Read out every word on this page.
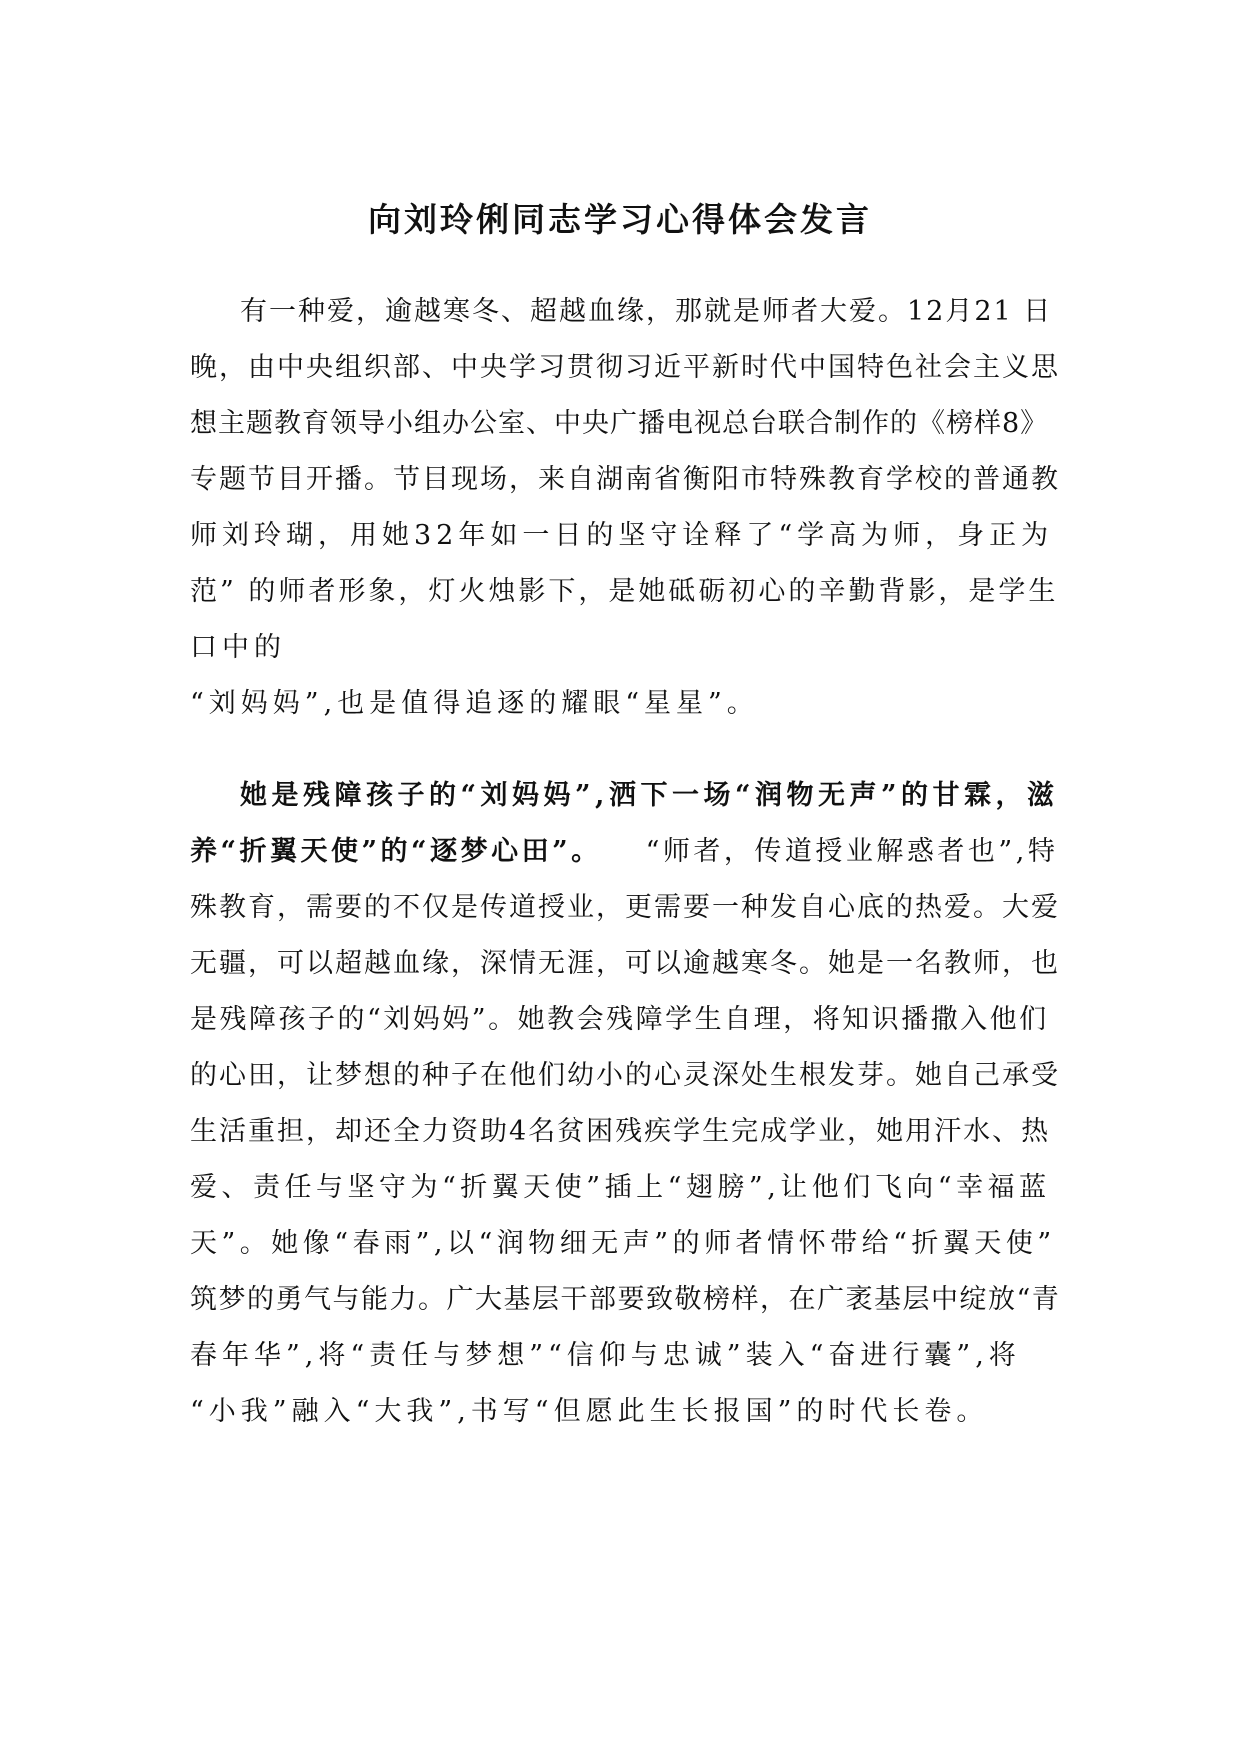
向刘玲俐同志学习心得体会发言

有一种爱，逾越寒冬、超越血缘，那就是师者大爱。12月21 日

晚，由中央组织部、中央学习贯彻习近平新时代中国特色社会主义思

想主题教育领导小组办公室、中央广播电视总台联合制作的《榜样8》

专题节目开播。节目现场，来自湖南省衡阳市特殊教育学校的普通教

师刘玲瑚，用她32年如一日的坚守诠释了“学高为师，身正为

范” 的师者形象，灯火烛影下，是她砥砺初心的辛勤背影，是学生

口中的

“刘妈妈”,也是值得追逐的耀眼“星星”。

她是残障孩子的“刘妈妈”,洒下一场“润物无声”的甘霖，滋

养“折翼天使”的“逐梦心田”。 “师者，传道授业解惑者也”,特

殊教育，需要的不仅是传道授业，更需要一种发自心底的热爱。大爱

无疆，可以超越血缘，深情无涯，可以逾越寒冬。她是一名教师，也

是残障孩子的“刘妈妈”。她教会残障学生自理，将知识播撒入他们

的心田，让梦想的种子在他们幼小的心灵深处生根发芽。她自己承受

生活重担，却还全力资助4名贫困残疾学生完成学业，她用汗水、热

爱、责任与坚守为“折翼天使”插上“翅膀”,让他们飞向“幸福蓝

天”。她像“春雨”,以“润物细无声”的师者情怀带给“折翼天使”

筑梦的勇气与能力。广大基层干部要致敬榜样，在广袤基层中绽放“青

春年华”,将“责任与梦想”“信仰与忠诚”装入“奋进行囊”,将

“小我”融入“大我”,书写“但愿此生长报国”的时代长卷。
